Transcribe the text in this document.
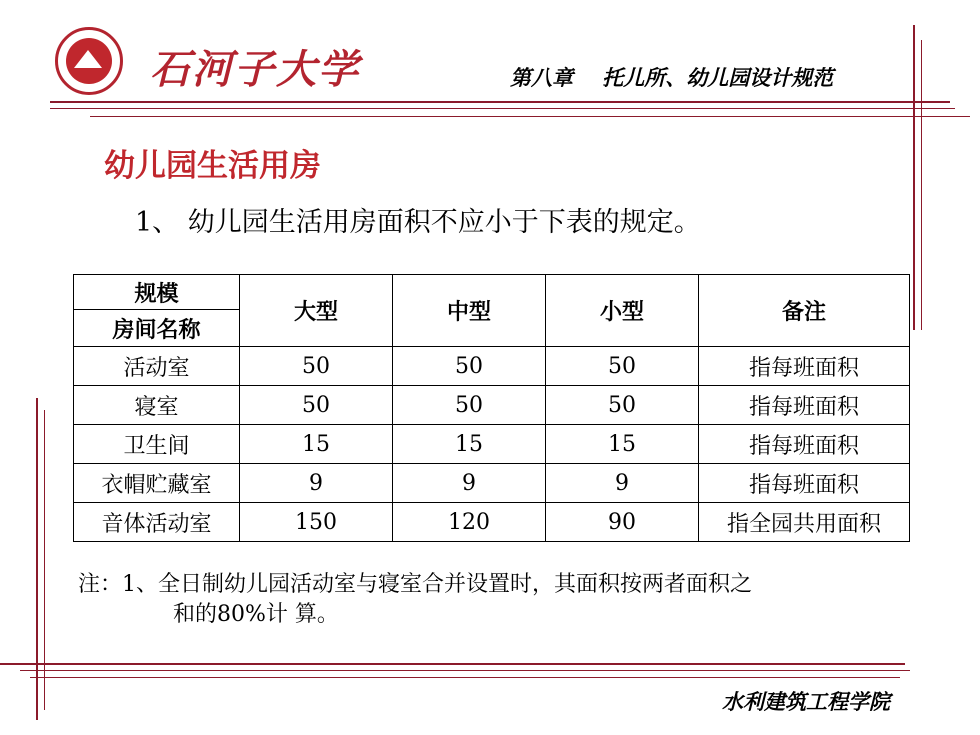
石河子大学	第八章    托儿所、幼儿园设计规范
幼儿园生活用房
1、 幼儿园生活用房面积不应小于下表的规定。
规模	大型	中型	小型	备注
房间名称				
活动室	50	50	50	指每班面积
寝室	50	50	50	指每班面积
卫生间	15	15	15	指每班面积
衣帽贮藏室	9	9	9	指每班面积
音体活动室	150	120	90	指全园共用面积
注：1、全日制幼儿园活动室与寝室合并设置时，其面积按两者面积之
和的80%计 算。
水利建筑工程学院
